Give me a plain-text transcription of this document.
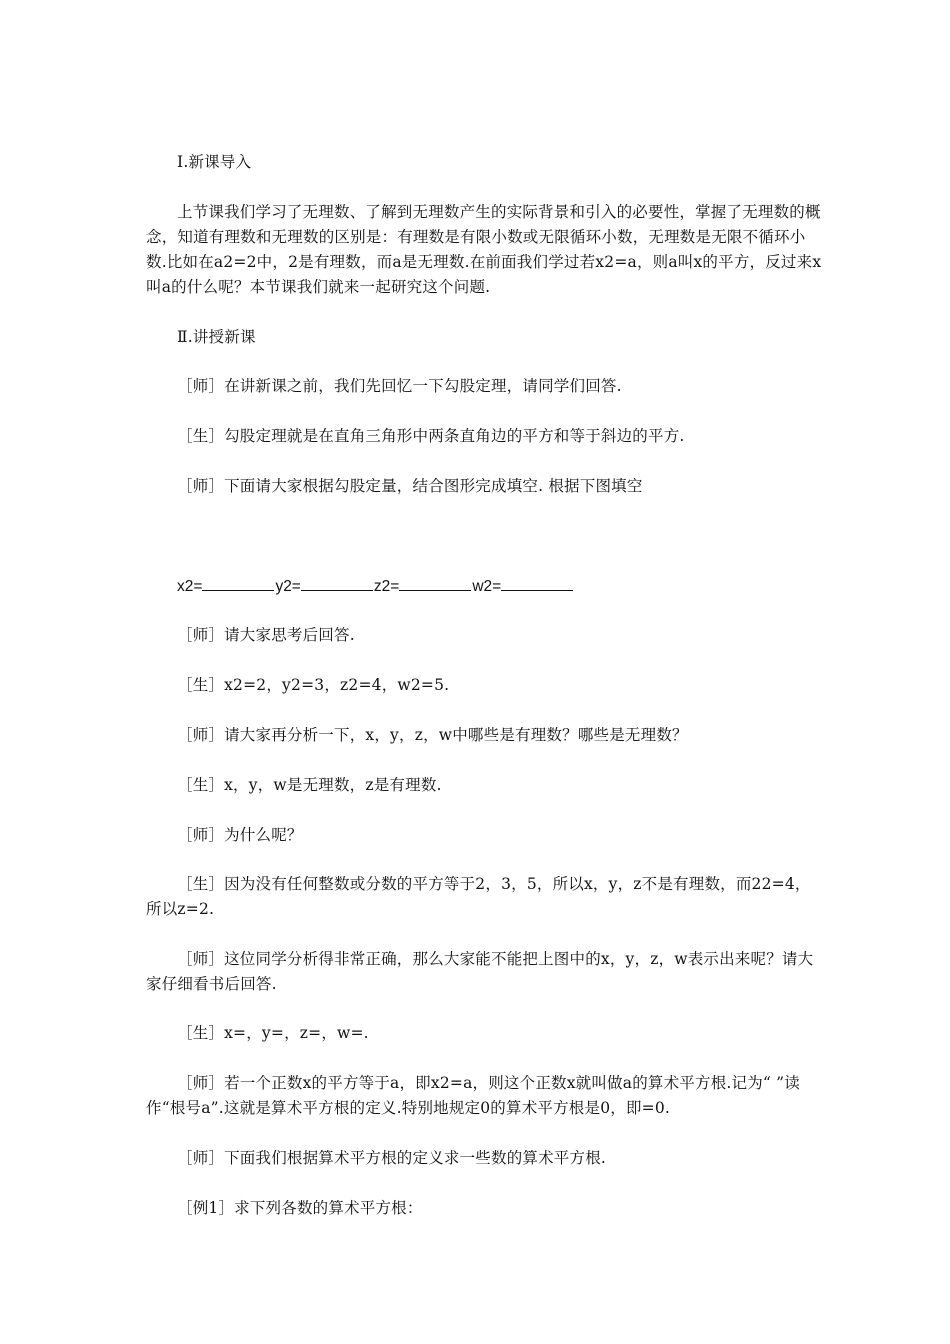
Ⅰ.新课导入
上节课我们学习了无理数、了解到无理数产生的实际背景和引入的必要性，掌握了无理数的概念，知道有理数和无理数的区别是：有理数是有限小数或无限循环小数，无理数是无限不循环小数.比如在a2=2中，2是有理数，而a是无理数.在前面我们学过若x2=a，则a叫x的平方，反过来x叫a的什么呢？本节课我们就来一起研究这个问题.
Ⅱ.讲授新课
［师］在讲新课之前，我们先回忆一下勾股定理，请同学们回答.
［生］勾股定理就是在直角三角形中两条直角边的平方和等于斜边的平方.
［师］下面请大家根据勾股定量，结合图形完成填空. 根据下图填空
x2=	y2=	z2=	w2=
［师］请大家思考后回答.
［生］x2=2，y2=3，z2=4，w2=5.
［师］请大家再分析一下，x，y，z，w中哪些是有理数？哪些是无理数？
［生］x，y，w是无理数，z是有理数.
［师］为什么呢？
［生］因为没有任何整数或分数的平方等于2，3，5，所以x，y，z不是有理数，而22=4，所以z=2.
［师］这位同学分析得非常正确，那么大家能不能把上图中的x，y，z，w表示出来呢？请大家仔细看书后回答.
［生］x=，y=，z=，w=.
［师］若一个正数x的平方等于a，即x2=a，则这个正数x就叫做a的算术平方根.记为“ ”读作“根号a”.这就是算术平方根的定义.特别地规定0的算术平方根是0，即=0.
［师］下面我们根据算术平方根的定义求一些数的算术平方根.
［例1］求下列各数的算术平方根：
